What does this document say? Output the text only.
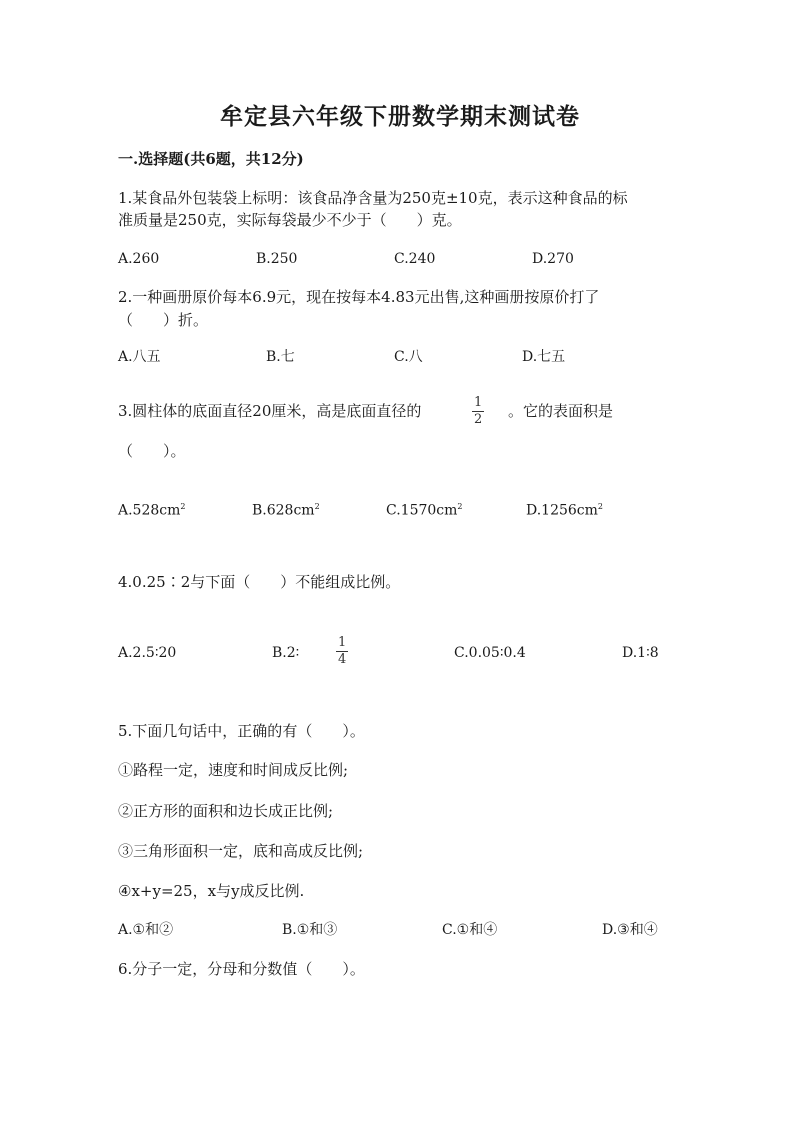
牟定县六年级下册数学期末测试卷
一.选择题(共6题，共12分)
1.某食品外包装袋上标明：该食品净含量为250克±10克，表示这种食品的标
准质量是250克，实际每袋最少不少于（　　）克。
A.260	B.250	C.240	D.270
2.一种画册原价每本6.9元，现在按每本4.83元出售,这种画册按原价打了
（　　）折。
A.八五	B.七	C.八	D.七五
3.圆柱体的底面直径20厘米，高是底面直径的	1
2 。它的表面积是
（　　）。
$A.528cm^2$	$B.628cm^2$	$C.1570cm^2$	$D.1256cm^2$
4.0.25∶2与下面（　　）不能组成比例。
A.2.5∶20	B.2∶
1
4	C.0.05∶0.4	D.1∶8
5.下面几句话中，正确的有（　　）。
①路程一定，速度和时间成反比例;
②正方形的面积和边长成正比例;
③三角形面积一定，底和高成反比例;
④x+y=25，x与y成反比例.
A.①和②	B.①和③	C.①和④	D.③和④
6.分子一定，分母和分数值（　　）。
